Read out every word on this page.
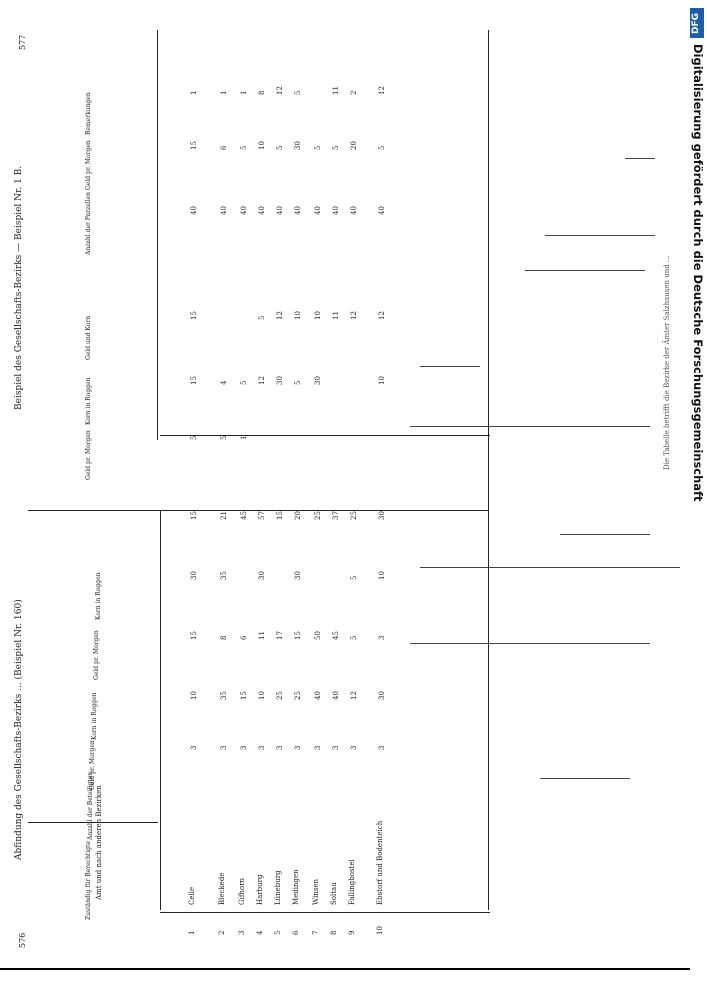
DFG
Digitalisierung gefördert durch die Deutsche Forschungsgemeinschaft
576
577
Abfindung des Gesellschafts-Bezirks ... (Beispiel Nr. 160)
Beispiel des Gesellschafts-Bezirks — Beispiel Nr. 1 B.	Die Tabelle betrifft die Bezirke der Ämter Salzhausen und ...
1
Celle
3
10
15
30
15
2
Bleckede
3
35
8
35
21
3
Gifhorn
3
15
6
45
4
Harburg
3
10
11
30
57
5
Lüneburg
3
25
17
15
6
Medingen
3
25
15
30
20
7
Winsen
3
40
50
25
8
Soltau
3
40
45
37
9
Fallingbostel
3
12
5
5
25
10
Ebstorf und Bodenteich
3
30
3
10
30
5
15
15
40
15
1
5
4
40
6
1
1
5
40
5
1
12
5
40
10
8
30
12
40
5
12
5
10
40
30
5
30
10
40
5
11
40
5
11
12
40
20
2
10
12
40
5
12
Zuständig für Berechtigte
Anzahl der Beteiligten
Geld pr. Morgen
Korn in Roggen
Geld pr. Morgen
Korn in Roggen
Geld pr. Morgen
Korn in Roggen
Geld und Korn
Anzahl der Parzellen
Geld pr. Morgen
Bemerkungen
Amt und nach anderen Bezirken
